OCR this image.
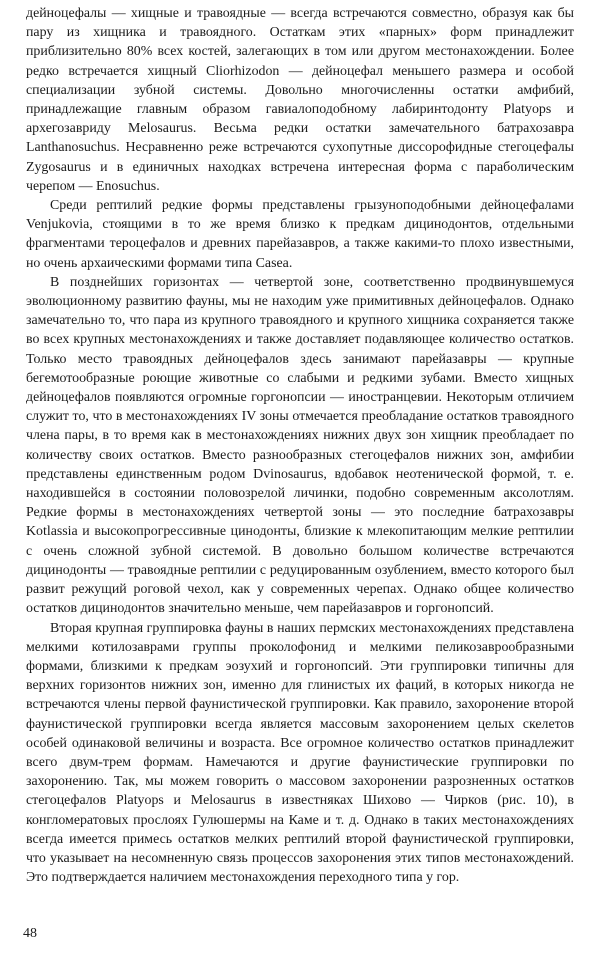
дейноцефалы — хищные и травоядные — всегда встречаются совместно, образуя как бы пару из хищника и травоядного. Остаткам этих «парных» форм принадлежит приблизительно 80% всех костей, залегающих в том или другом местонахождении. Более редко встречается хищный Cliorhizodon — дейноцефал меньшего размера и особой специализации зубной системы. Довольно многочисленны остатки амфибий, принадлежащие главным образом гавиалоподобному лабиринтодонту Platyops и архегозавриду Melosaurus. Весьма редки остатки замечательного батрахозавра Lanthanosuchus. Несравненно реже встречаются сухопутные диссорофидные стегоцефалы Zygosaurus и в единичных находках встречена интересная форма с параболическим черепом — Enosuchus.

Среди рептилий редкие формы представлены грызуноподобными дейноцефалами Venjukovia, стоящими в то же время близко к предкам дицинодонтов, отдельными фрагментами тероцефалов и древних парейазавров, а также какими-то плохо известными, но очень архаическими формами типа Casea.

В позднейших горизонтах — четвертой зоне, соответственно продвинувшемуся эволюционному развитию фауны, мы не находим уже примитивных дейноцефалов. Однако замечательно то, что пара из крупного травоядного и крупного хищника сохраняется также во всех крупных местонахождениях и также доставляет подавляющее количество остатков. Только место травоядных дейноцефалов здесь занимают парейазавры — крупные бегемотообразные роющие животные со слабыми и редкими зубами. Вместо хищных дейноцефалов появляются огромные горгонопсии — иностранцевии. Некоторым отличием служит то, что в местонахождениях IV зоны отмечается преобладание остатков травоядного члена пары, в то время как в местонахождениях нижних двух зон хищник преобладает по количеству своих остатков. Вместо разнообразных стегоцефалов нижних зон, амфибии представлены единственным родом Dvinosaurus, вдобавок неотенической формой, т. е. находившейся в состоянии половозрелой личинки, подобно современным аксолотлям. Редкие формы в местонахождениях четвертой зоны — это последние батрахозавры Kotlassia и высокопрогрессивные цинодонты, близкие к млекопитающим мелкие рептилии с очень сложной зубной системой. В довольно большом количестве встречаются дицинодонты — травоядные рептилии с редуцированным озублением, вместо которого был развит режущий роговой чехол, как у современных черепах. Однако общее количество остатков дицинодонтов значительно меньше, чем парейазавров и горгонопсий.

Вторая крупная группировка фауны в наших пермских местонахождениях представлена мелкими котилозаврами группы проколофонид и мелкими пеликозаврообразными формами, близкими к предкам эозухий и горгонопсий. Эти группировки типичны для верхних горизонтов нижних зон, именно для глинистых их фаций, в которых никогда не встречаются члены первой фаунистической группировки. Как правило, захоронение второй фаунистической группировки всегда является массовым захоронением целых скелетов особей одинаковой величины и возраста. Все огромное количество остатков принадлежит всего двум-трем формам. Намечаются и другие фаунистические группировки по захоронению. Так, мы можем говорить о массовом захоронении разрозненных остатков стегоцефалов Platyops и Melosaurus в известняках Шихово — Чирков (рис. 10), в конгломератовых прослоях Гулюшермы на Каме и т. д. Однако в таких местонахождениях всегда имеется примесь остатков мелких рептилий второй фаунистической группировки, что указывает на несомненную связь процессов захоронения этих типов местонахождений. Это подтверждается наличием местонахождения переходного типа у гор.

48
